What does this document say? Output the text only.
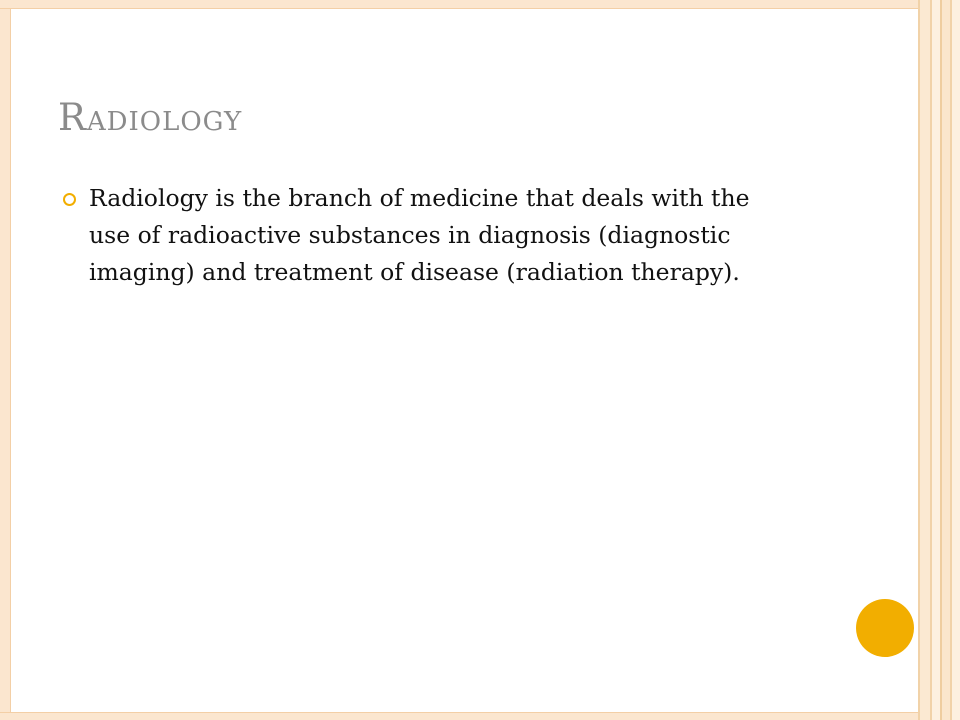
Radiology
Radiology is the branch of medicine that deals with the use of radioactive substances in diagnosis (diagnostic imaging) and treatment of disease (radiation therapy).
